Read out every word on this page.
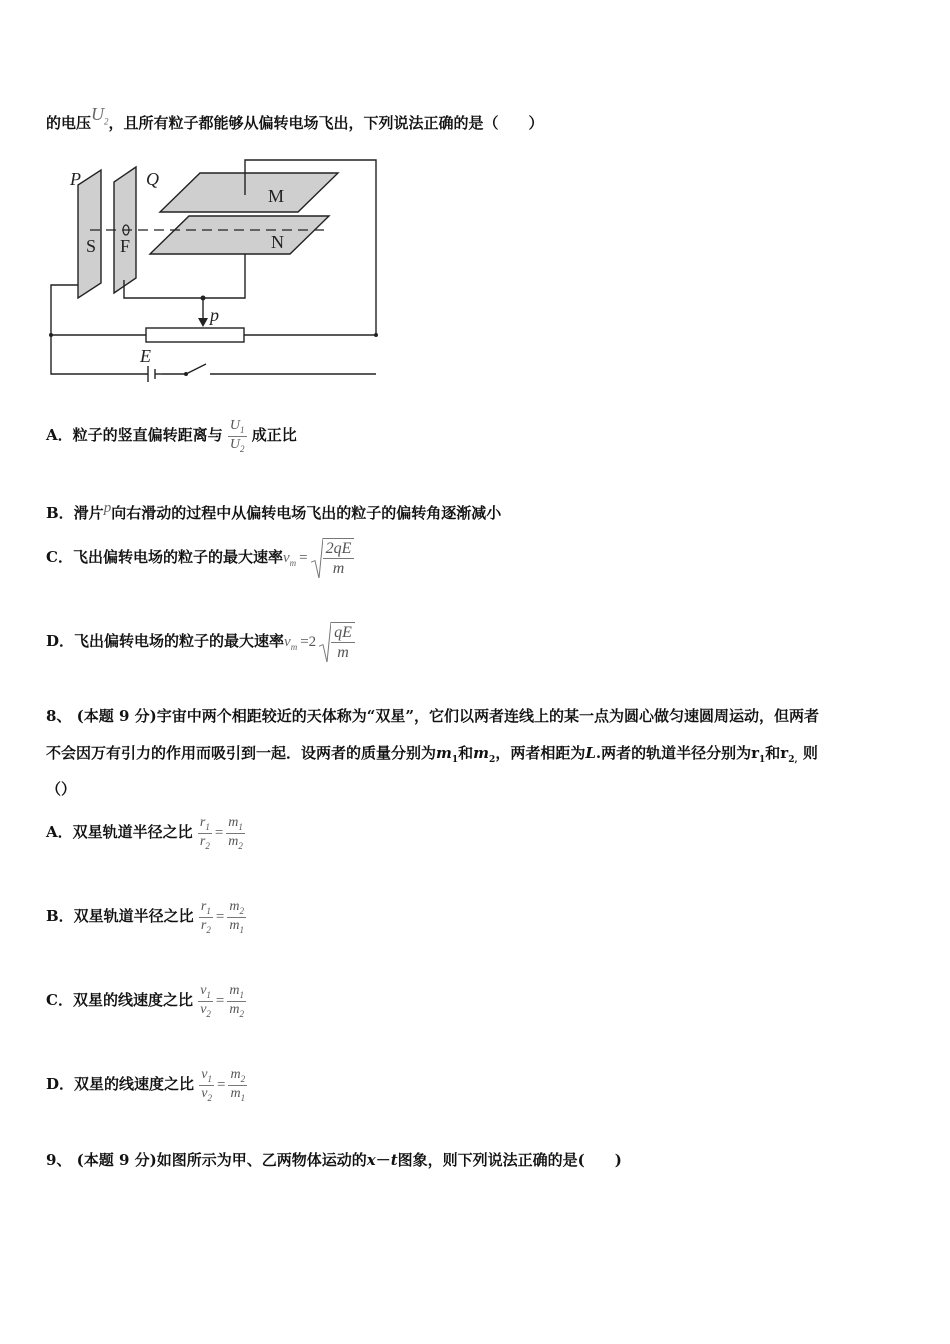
的电压$U_2$，且所有粒子都能够从偏转电场飞出，下列说法正确的是（　　）
P	Q
M
N
S F
p
E
A．粒子的竖直偏转距离与 $\frac{U_1}{U_2}$ 成正比
B．滑片p向右滑动的过程中从偏转电场飞出的粒子的偏转角逐渐减小
C．飞出偏转电场的粒子的最大速率$v_m = \frac{2qE}{m}$
D．飞出偏转电场的粒子的最大速率$v_m =2 \frac{qE}{m}$
8、 (本题 9 分)宇宙中两个相距较近的天体称为“双星”，它们以两者连线上的某一点为圆心做匀速圆周运动，但两者
不会因万有引力的作用而吸引到一起．设两者的质量分别为$m_1$和$m_2$，两者相距为L.两者的轨道半径分别为$r_1$和$r_{2,}$ 则
（）
A．双星轨道半径之比 $\frac{r_1}{r_2} = \frac{m_1}{m_2}$
B．双星轨道半径之比 $\frac{r_1}{r_2} = \frac{m_2}{m_1}$
C．双星的线速度之比 $\frac{v_1}{v_2} = \frac{m_1}{m_2}$
D．双星的线速度之比 $\frac{v_1}{v_2} = \frac{m_2}{m_1}$
9、 (本题 9 分)如图所示为甲、乙两物体运动的x－t图象，则下列说法正确的是(　　)
